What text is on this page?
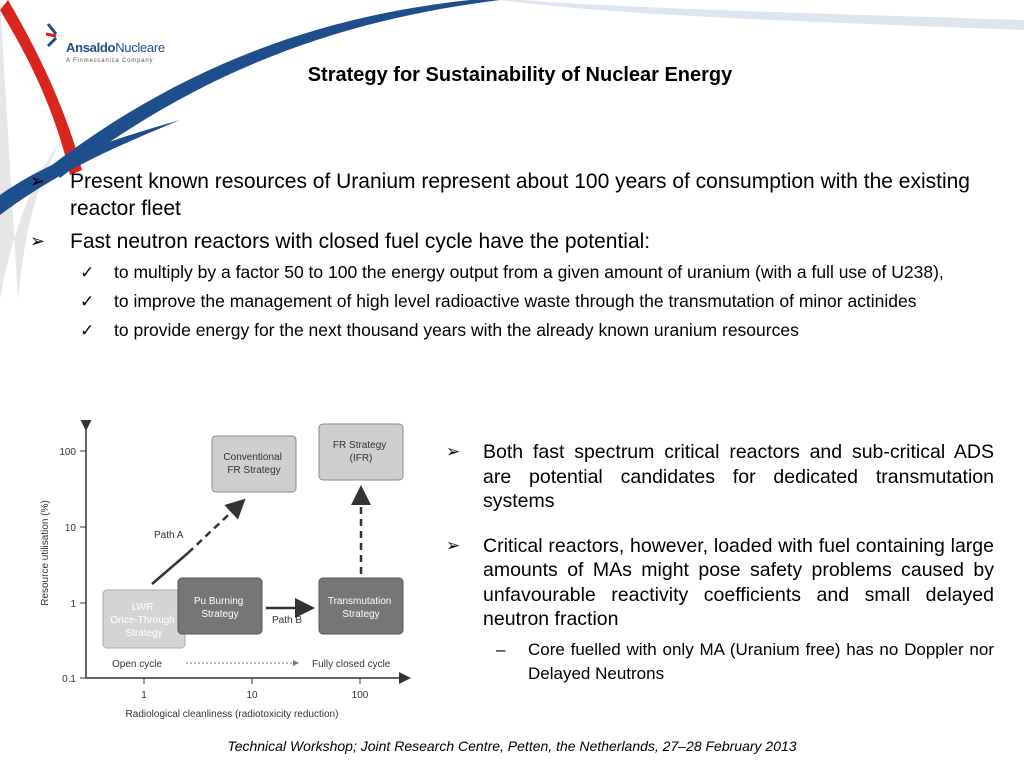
AnsaldoNucleare
A Finmeccanica Company
Strategy for Sustainability of Nuclear Energy
➢ Present known resources of Uranium represent about 100 years of consumption with the existing reactor fleet
➢ Fast neutron reactors with closed fuel cycle have the potential:
✓ to multiply by a factor 50 to 100 the energy output from a given amount of uranium (with a full use of U238),
✓ to improve the management of high level radioactive waste through the transmutation of minor actinides
✓ to provide energy for the next thousand years with the already known uranium resources
100
10
1
0.1
1	10	100
Radiological cleanliness (radiotoxicity reduction)
Resource utilisation (%)
LWR Once-Through Strategy
Pu Burning Strategy
Transmutation Strategy
Conventional FR Strategy
FR Strategy (IFR)
Path A
Path B
Open cycle	Fully closed cycle
➢ Both fast spectrum critical reactors and sub-critical ADS are potential candidates for dedicated transmutation systems
➢ Critical reactors, however, loaded with fuel containing large amounts of MAs might pose safety problems caused by unfavourable reactivity coefficients and small delayed neutron fraction
– Core fuelled with only MA (Uranium free) has no Doppler nor Delayed Neutrons
Technical Workshop; Joint Research Centre, Petten, the Netherlands, 27–28 February 2013
